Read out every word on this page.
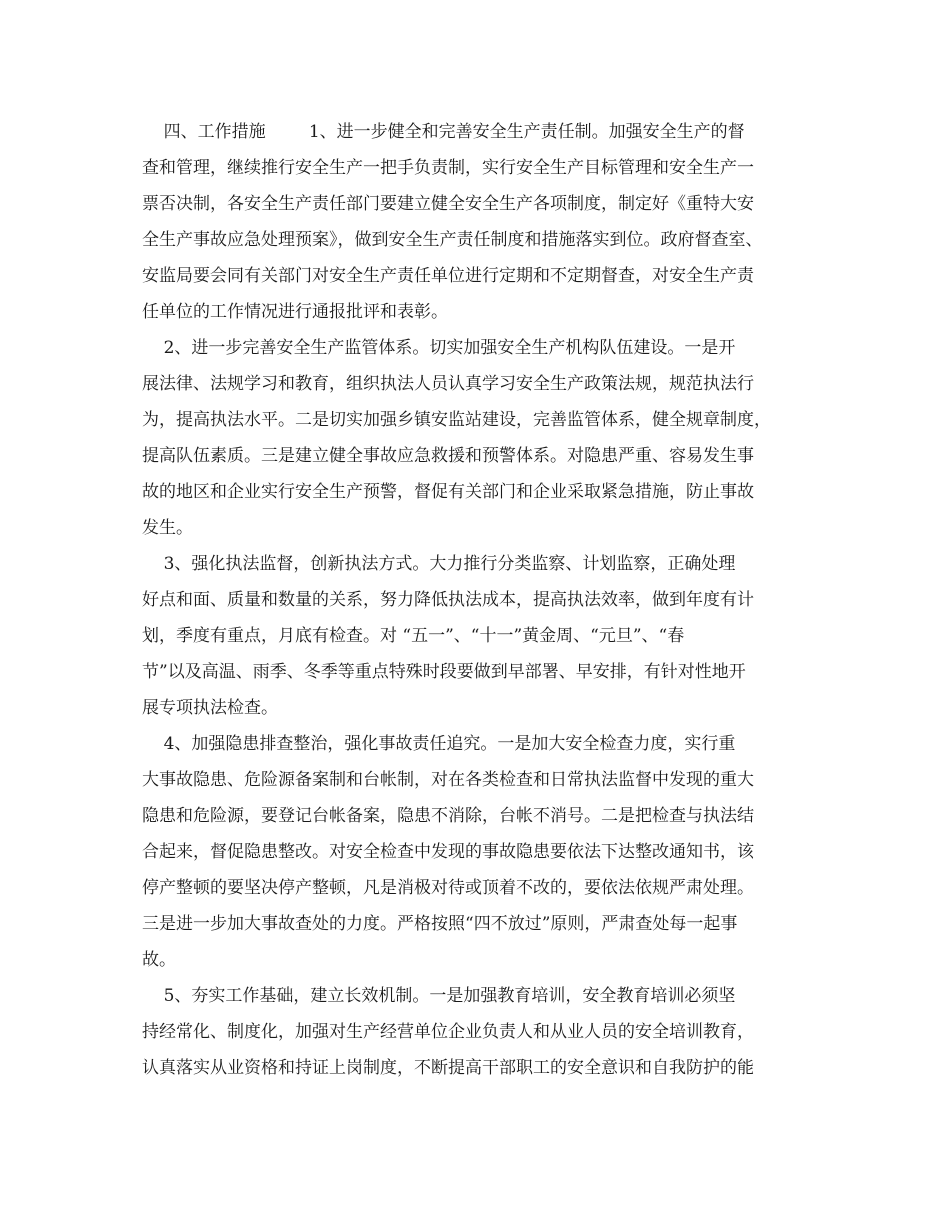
四、工作措施        1、进一步健全和完善安全生产责任制。加强安全生产的督
查和管理，继续推行安全生产一把手负责制，实行安全生产目标管理和安全生产一
票否决制，各安全生产责任部门要建立健全安全生产各项制度，制定好《重特大安
全生产事故应急处理预案》，做到安全生产责任制度和措施落实到位。政府督查室、
安监局要会同有关部门对安全生产责任单位进行定期和不定期督查，对安全生产责
任单位的工作情况进行通报批评和表彰。
2、进一步完善安全生产监管体系。切实加强安全生产机构队伍建设。一是开
展法律、法规学习和教育，组织执法人员认真学习安全生产政策法规，规范执法行
为，提高执法水平。二是切实加强乡镇安监站建设，完善监管体系，健全规章制度，
提高队伍素质。三是建立健全事故应急救援和预警体系。对隐患严重、容易发生事
故的地区和企业实行安全生产预警，督促有关部门和企业采取紧急措施，防止事故
发生。
3、强化执法监督，创新执法方式。大力推行分类监察、计划监察，正确处理
好点和面、质量和数量的关系，努力降低执法成本，提高执法效率，做到年度有计
划，季度有重点，月底有检查。对 “五一”、“十一”黄金周、“元旦”、“春
节”以及高温、雨季、冬季等重点特殊时段要做到早部署、早安排，有针对性地开
展专项执法检查。
4、加强隐患排查整治，强化事故责任追究。一是加大安全检查力度，实行重
大事故隐患、危险源备案制和台帐制，对在各类检查和日常执法监督中发现的重大
隐患和危险源，要登记台帐备案，隐患不消除，台帐不消号。二是把检查与执法结
合起来，督促隐患整改。对安全检查中发现的事故隐患要依法下达整改通知书，该
停产整顿的要坚决停产整顿，凡是消极对待或顶着不改的，要依法依规严肃处理。
三是进一步加大事故查处的力度。严格按照“四不放过”原则，严肃查处每一起事
故。
5、夯实工作基础，建立长效机制。一是加强教育培训，安全教育培训必须坚
持经常化、制度化，加强对生产经营单位企业负责人和从业人员的安全培训教育，
认真落实从业资格和持证上岗制度，不断提高干部职工的安全意识和自我防护的能
